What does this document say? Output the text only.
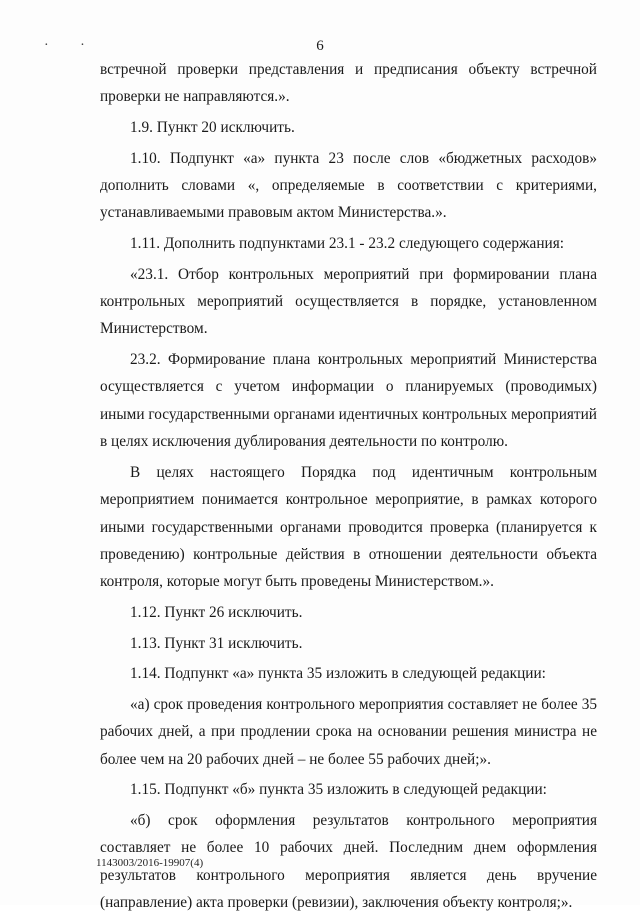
· ·	6

встречной проверки представления и предписания объекту встречной проверки не направляются.».

1.9. Пункт 20 исключить.

1.10. Подпункт «а» пункта 23 после слов «бюджетных расходов» дополнить словами «, определяемые в соответствии с критериями, устанавливаемыми правовым актом Министерства.».

1.11. Дополнить подпунктами 23.1 - 23.2 следующего содержания:

«23.1. Отбор контрольных мероприятий при формировании плана контрольных мероприятий осуществляется в порядке, установленном Министерством.

23.2. Формирование плана контрольных мероприятий Министерства осуществляется с учетом информации о планируемых (проводимых) иными государственными органами идентичных контрольных мероприятий в целях исключения дублирования деятельности по контролю.

В целях настоящего Порядка под идентичным контрольным мероприятием понимается контрольное мероприятие, в рамках которого иными государственными органами проводится проверка (планируется к проведению) контрольные действия в отношении деятельности объекта контроля, которые могут быть проведены Министерством.».

1.12. Пункт 26 исключить.

1.13. Пункт 31 исключить.

1.14. Подпункт «а» пункта 35 изложить в следующей редакции:

«а) срок проведения контрольного мероприятия составляет не более 35 рабочих дней, а при продлении срока на основании решения министра не более чем на 20 рабочих дней – не более 55 рабочих дней;».

1.15. Подпункт «б» пункта 35 изложить в следующей редакции:

«б) срок оформления результатов контрольного мероприятия составляет не более 10 рабочих дней. Последним днем оформления результатов контрольного мероприятия является день вручение (направление) акта проверки (ревизии), заключения объекту контроля;».

1143003/2016-19907(4)
